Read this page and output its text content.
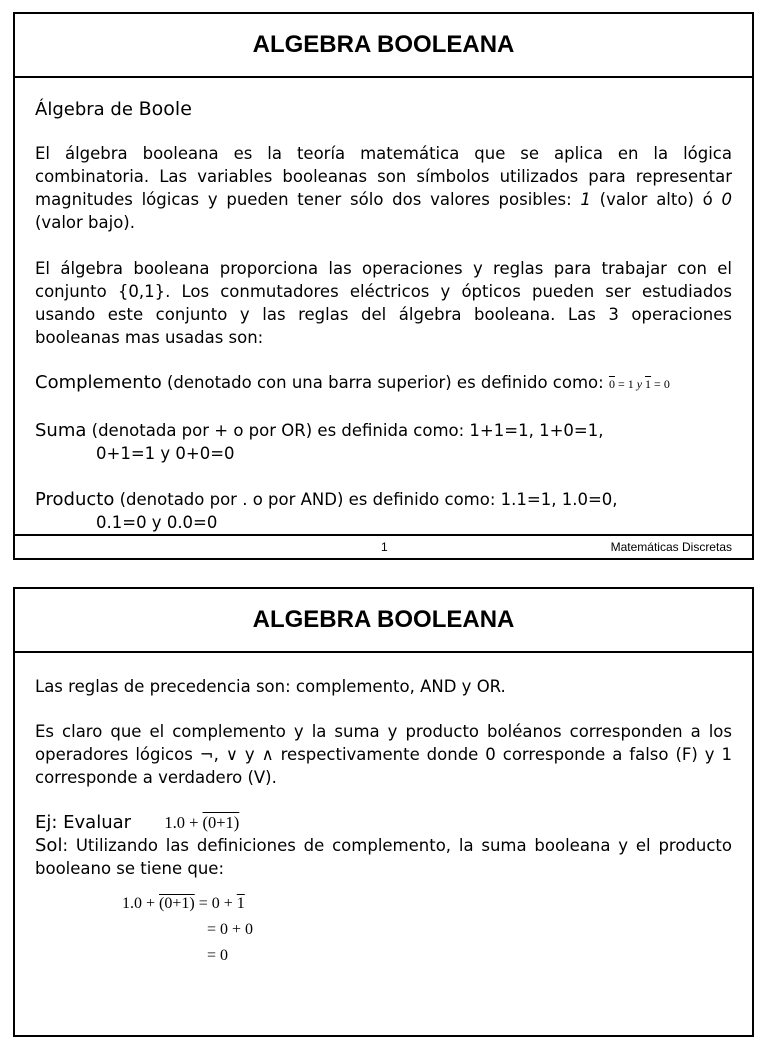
ALGEBRA BOOLEANA

Álgebra de Boole

El álgebra booleana es la teoría matemática que se aplica en la lógica combinatoria. Las variables booleanas son símbolos utilizados para representar magnitudes lógicas y pueden tener sólo dos valores posibles: 1 (valor alto) ó 0 (valor bajo).

El álgebra booleana proporciona las operaciones y reglas para trabajar con el conjunto {0,1}. Los conmutadores eléctricos y ópticos pueden ser estudiados usando este conjunto y las reglas del álgebra booleana. Las 3 operaciones booleanas mas usadas son:

Complemento (denotado con una barra superior) es definido como: 0 = 1 y 1 = 0

Suma (denotada por + o por OR) es definida como: 1+1=1, 1+0=1,
0+1=1 y 0+0=0

Producto (denotado por . o por AND) es definido como: 1.1=1, 1.0=0,
0.1=0 y 0.0=0

1	Matemáticas Discretas
ALGEBRA BOOLEANA

Las reglas de precedencia son: complemento, AND y OR.

Es claro que el complemento y la suma y producto boléanos corresponden a los operadores lógicos ¬, ∨ y ∧ respectivamente donde 0 corresponde a falso (F) y 1 corresponde a verdadero (V).

Ej: Evaluar 1.0 + (0+1)

Sol: Utilizando las definiciones de complemento, la suma booleana y el producto booleano se tiene que:

1.0 + (0+1) = 0 + 1
= 0 + 0
= 0
